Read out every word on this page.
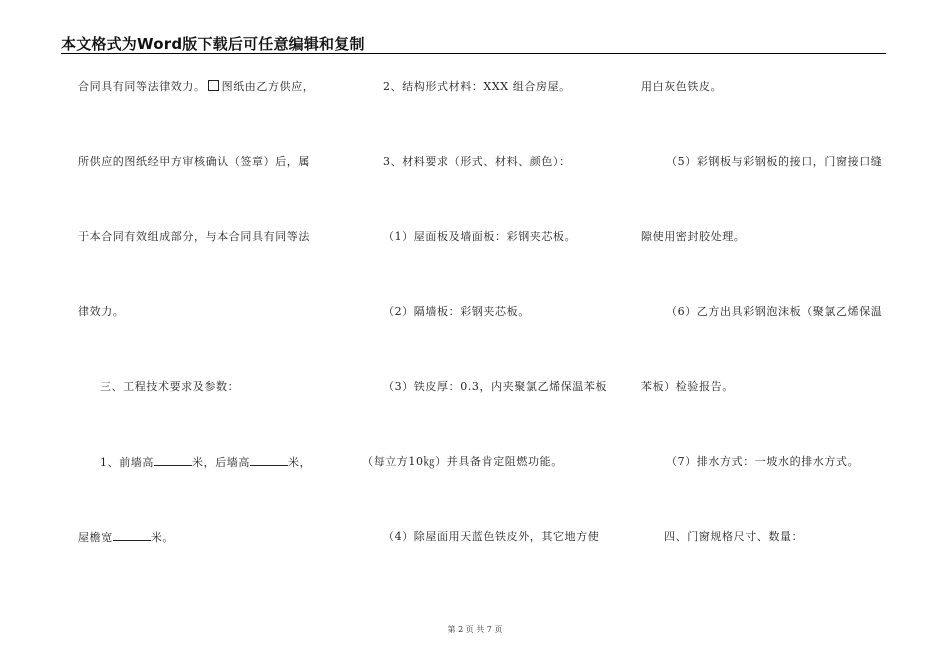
本文格式为Word版下载后可任意编辑和复制
合同具有同等法律效力。 图纸由乙方供应，
所供应的图纸经甲方审核确认（签章）后，属
于本合同有效组成部分，与本合同具有同等法
律效力。
三、工程技术要求及参数：
1、前墙高	米，后墙高	米，
屋檐宽	米。
2、结构形式材料：XXX 组合房屋。
3、材料要求（形式、材料、颜色）：
（1）屋面板及墙面板：彩钢夹芯板。
（2）隔墙板：彩钢夹芯板。
（3）铁皮厚：0.3，内夹聚氯乙烯保温苯板
（每立方10㎏）并具备肯定阻燃功能。
（4）除屋面用天蓝色铁皮外，其它地方使
用白灰色铁皮。
（5）彩钢板与彩钢板的接口，门窗接口缝
隙使用密封胶处理。
（6）乙方出具彩钢泡沫板（聚氯乙烯保温
苯板）检验报告。
（7）排水方式：一坡水的排水方式。
四、门窗规格尺寸、数量：
第 2 页 共 7 页
